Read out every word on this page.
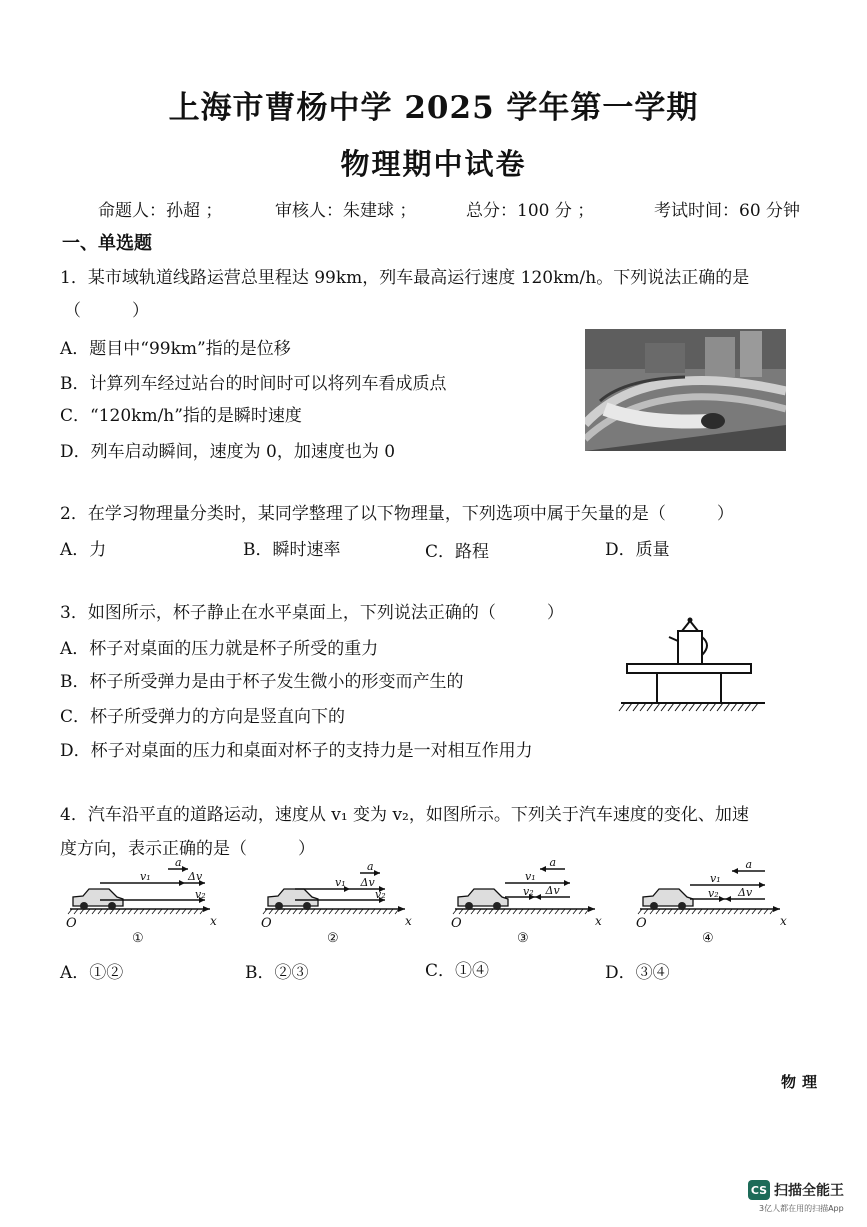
上海市曹杨中学 2025 学年第一学期
物理期中试卷
命题人：孙超 ；	审核人：朱建球 ；	总分：100 分 ；	考试时间：60 分钟
一、单选题
1．某市域轨道线路运营总里程达 99km，列车最高运行速度 120km/h。下列说法正确的是
（　　　）
A．题目中“99km”指的是位移
B．计算列车经过站台的时间时可以将列车看成质点
C．“120km/h”指的是瞬时速度
D．列车启动瞬间，速度为 0，加速度也为 0
2．在学习物理量分类时，某同学整理了以下物理量，下列选项中属于矢量的是（　　　）
A．力	B．瞬时速率	C．路程	D．质量
3．如图所示，杯子静止在水平桌面上，下列说法正确的（　　　）
A．杯子对桌面的压力就是杯子所受的重力
B．杯子所受弹力是由于杯子发生微小的形变而产生的
C．杯子所受弹力的方向是竖直向下的
D．杯子对桌面的压力和桌面对杯子的支持力是一对相互作用力
4．汽车沿平直的道路运动，速度从 v₁ 变为 v₂，如图所示。下列关于汽车速度的变化、加速
度方向，表示正确的是（　　　）
O	x
a
Δv
v₁
v₂
①
O	x
a
Δv
v₁
v₂
②
O	x
a
Δv
v₁
v₂
③
O	x
a
Δv
v₁
v₂
④
A．①②	B．②③	C．①④	D．③④
物理
CS 扫描全能王
3亿人都在用的扫描App
